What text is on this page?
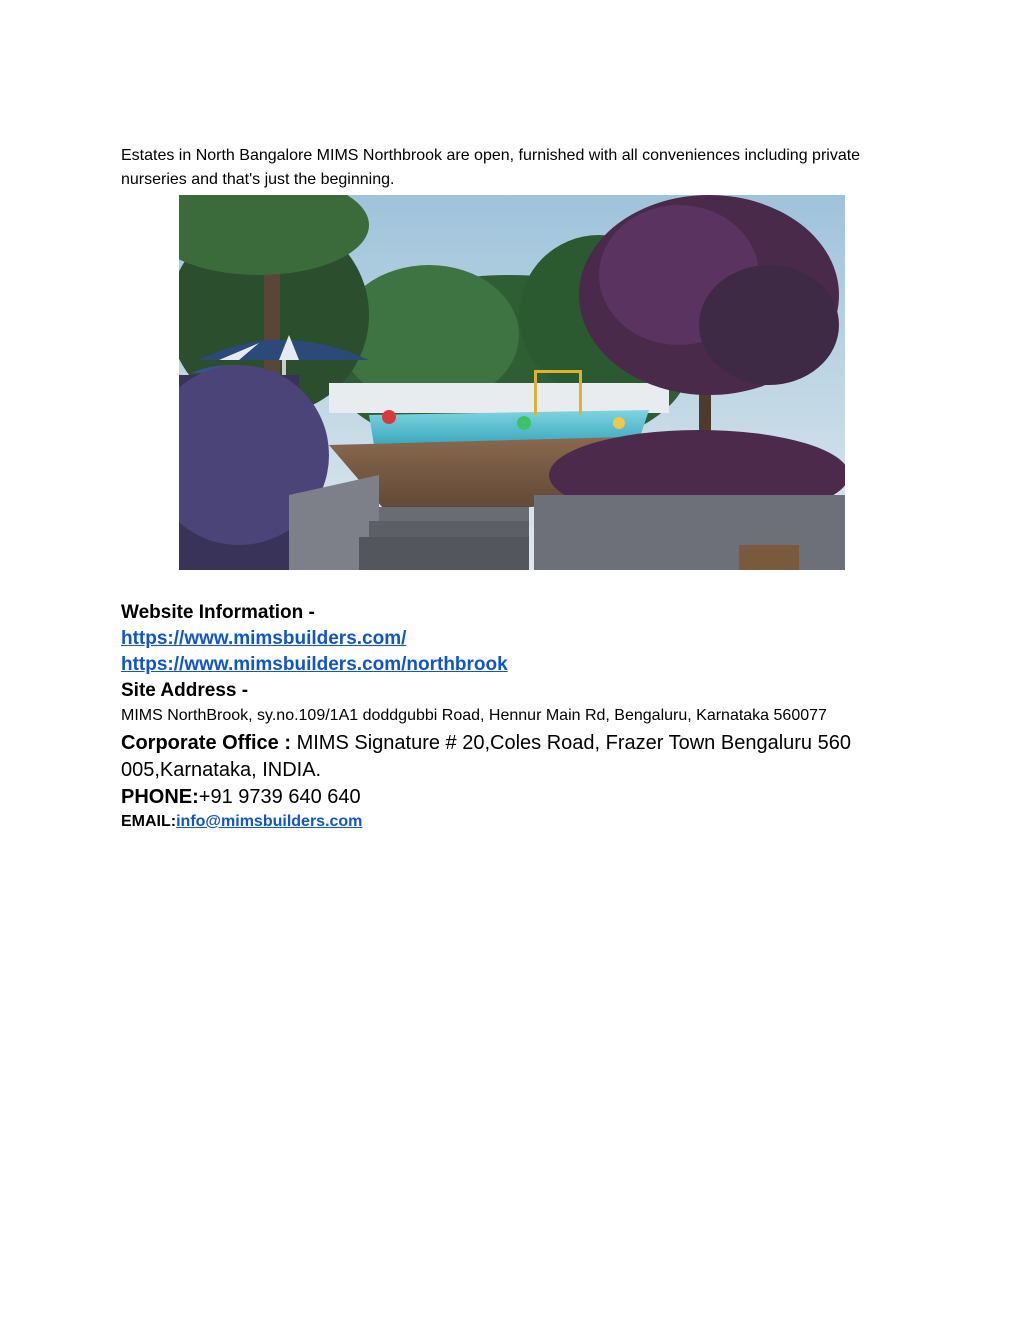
Estates in North Bangalore MIMS Northbrook are open, furnished with all conveniences including private nurseries and that's just the beginning.
Website Information -
https://www.mimsbuilders.com/
https://www.mimsbuilders.com/northbrook
Site Address -
MIMS NorthBrook, sy.no.109/1A1 doddgubbi Road, Hennur Main Rd, Bengaluru, Karnataka 560077
Corporate Office : MIMS Signature # 20,Coles Road, Frazer Town Bengaluru 560 005,Karnataka, INDIA.
PHONE:+91 9739 640 640
EMAIL:info@mimsbuilders.com
